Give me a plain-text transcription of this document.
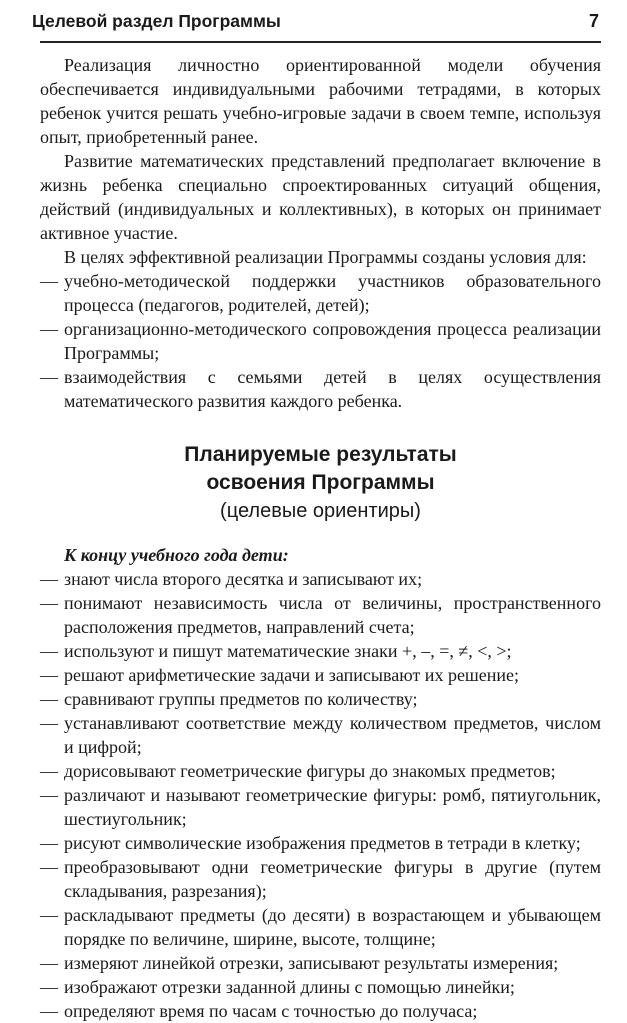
Целевой раздел Программы	7

Реализация личностно ориентированной модели обучения обеспечивается индивидуальными рабочими тетрадями, в которых ребенок учится решать учебно-игровые задачи в своем темпе, используя опыт, приобретенный ранее.

Развитие математических представлений предполагает включение в жизнь ребенка специально спроектированных ситуаций общения, действий (индивидуальных и коллективных), в которых он принимает активное участие.

В целях эффективной реализации Программы созданы условия для:

— учебно-методической поддержки участников образовательного процесса (педагогов, родителей, детей);
— организационно-методического сопровождения процесса реализации Программы;
— взаимодействия с семьями детей в целях осуществления математического развития каждого ребенка.
Планируемые результаты
освоения Программы
(целевые ориентиры)

К концу учебного года дети:

— знают числа второго десятка и записывают их;
— понимают независимость числа от величины, пространственного расположения предметов, направлений счета;
— используют и пишут математические знаки +, –, =, ≠, <, >;
— решают арифметические задачи и записывают их решение;
— сравнивают группы предметов по количеству;
— устанавливают соответствие между количеством предметов, числом и цифрой;
— дорисовывают геометрические фигуры до знакомых предметов;
— различают и называют геометрические фигуры: ромб, пятиугольник, шестиугольник;
— рисуют символические изображения предметов в тетради в клетку;
— преобразовывают одни геометрические фигуры в другие (путем складывания, разрезания);
— раскладывают предметы (до десяти) в возрастающем и убывающем порядке по величине, ширине, высоте, толщине;
— измеряют линейкой отрезки, записывают результаты измерения;
— изображают отрезки заданной длины с помощью линейки;
— определяют время по часам с точностью до получаса;
